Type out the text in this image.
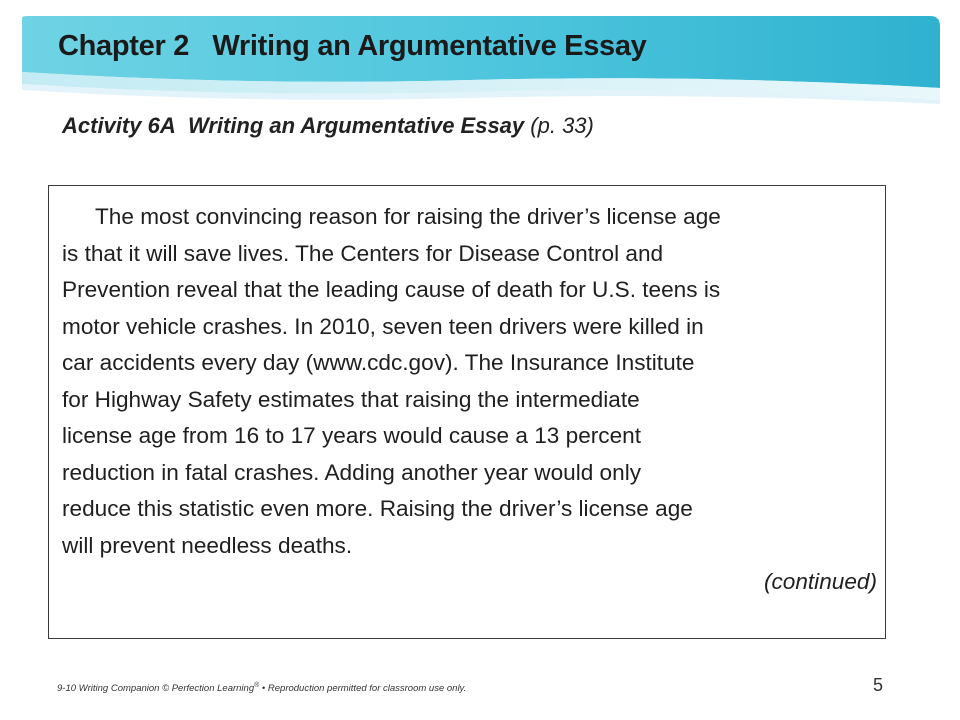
Chapter 2 Writing an Argumentative Essay
Activity 6A Writing an Argumentative Essay (p. 33)
The most convincing reason for raising the driver’s license age
is that it will save lives. The Centers for Disease Control and
Prevention reveal that the leading cause of death for U.S. teens is
motor vehicle crashes. In 2010, seven teen drivers were killed in
car accidents every day (www.cdc.gov). The Insurance Institute
for Highway Safety estimates that raising the intermediate
license age from 16 to 17 years would cause a 13 percent
reduction in fatal crashes. Adding another year would only
reduce this statistic even more. Raising the driver’s license age
will prevent needless deaths.
(continued)
9-10 Writing Companion © Perfection Learning® • Reproduction permitted for classroom use only.	5
